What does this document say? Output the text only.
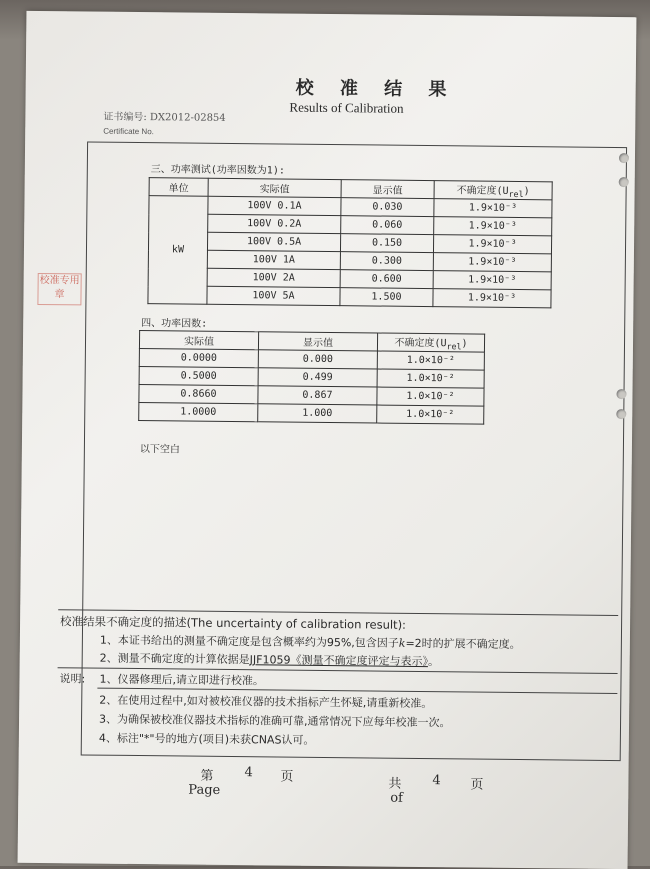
校 准 结 果
Results of Calibration
证书编号: DX2012-02854
Certificate No.
校准专用
章
三、功率测试(功率因数为1):
单位	实际值	显示值	不确定度$(U_{rel})$
kW	100V 0.1A	0.030	1.9×10⁻³
	100V 0.2A	0.060	1.9×10⁻³
	100V 0.5A	0.150	1.9×10⁻³
	100V 1A	0.300	1.9×10⁻³
	100V 2A	0.600	1.9×10⁻³
	100V 5A	1.500	1.9×10⁻³
四、功率因数:
实际值	显示值	不确定度$(U_{rel})$
0.0000	0.000	1.0×10⁻²
0.5000	0.499	1.0×10⁻²
0.8660	0.867	1.0×10⁻²
1.0000	1.000	1.0×10⁻²
以下空白
校准结果不确定度的描述(The uncertainty of calibration result):
1、本证书给出的测量不确定度是包含概率约为95%,包含因子k=2时的扩展不确定度。
2、测量不确定度的计算依据是JJF1059《测量不确定度评定与表示》。
说明: 1、仪器修理后,请立即进行校准。
2、在使用过程中,如对被校准仪器的技术指标产生怀疑,请重新校准。
3、为确保被校准仪器技术指标的准确可靠,通常情况下应每年校准一次。
4、标注"*"号的地方(项目)未获CNAS认可。
第 4 页
Page	共 4 页
of
